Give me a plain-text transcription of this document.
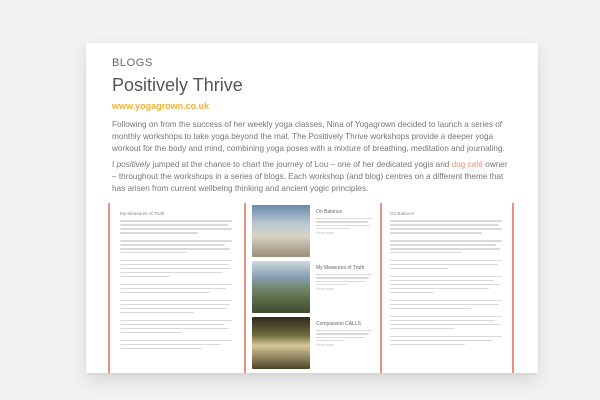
BLOGS
Positively Thrive
www.yogagrown.co.uk

Following on from the success of her weekly yoga classes, Nina of Yogagrown decided to launch a series of monthly workshops to take yoga beyond the mat. The Positively Thrive workshops provide a deeper yoga workout for the body and mind, combining yoga poses with a mixture of breathing, meditation and journaling.

I positively jumped at the chance to chart the journey of Lou – one of her dedicated yogis and dog café owner – throughout the workshops in a series of blogs. Each workshop (and blog) centres on a different theme that has arisen from current wellbeing thinking and ancient yogic principles.

My Measures of Truth	On Balance
Read more
My Measures of Truth
Read more
Compassion CALLS
Read more
On Balance
